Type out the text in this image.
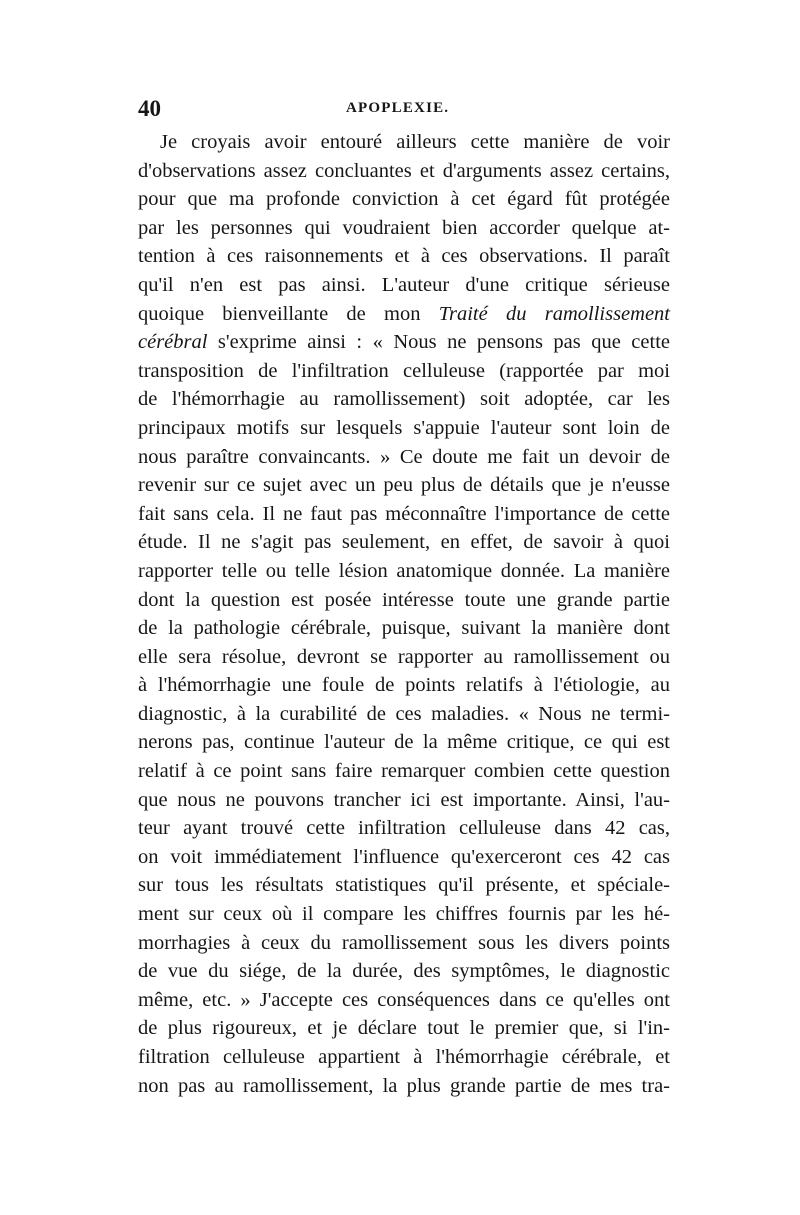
40	APOPLEXIE.
Je croyais avoir entouré ailleurs cette manière de voir
d'observations assez concluantes et d'arguments assez certains,
pour que ma profonde conviction à cet égard fût protégée
par les personnes qui voudraient bien accorder quelque at-
tention à ces raisonnements et à ces observations. Il paraît
qu'il n'en est pas ainsi. L'auteur d'une critique sérieuse
quoique bienveillante de mon Traité du ramollissement
cérébral s'exprime ainsi : « Nous ne pensons pas que cette
transposition de l'infiltration celluleuse (rapportée par moi
de l'hémorrhagie au ramollissement) soit adoptée, car les
principaux motifs sur lesquels s'appuie l'auteur sont loin de
nous paraître convaincants. » Ce doute me fait un devoir de
revenir sur ce sujet avec un peu plus de détails que je n'eusse
fait sans cela. Il ne faut pas méconnaître l'importance de cette
étude. Il ne s'agit pas seulement, en effet, de savoir à quoi
rapporter telle ou telle lésion anatomique donnée. La manière
dont la question est posée intéresse toute une grande partie
de la pathologie cérébrale, puisque, suivant la manière dont
elle sera résolue, devront se rapporter au ramollissement ou
à l'hémorrhagie une foule de points relatifs à l'étiologie, au
diagnostic, à la curabilité de ces maladies. « Nous ne termi-
nerons pas, continue l'auteur de la même critique, ce qui est
relatif à ce point sans faire remarquer combien cette question
que nous ne pouvons trancher ici est importante. Ainsi, l'au-
teur ayant trouvé cette infiltration celluleuse dans 42 cas,
on voit immédiatement l'influence qu'exerceront ces 42 cas
sur tous les résultats statistiques qu'il présente, et spéciale-
ment sur ceux où il compare les chiffres fournis par les hé-
morrhagies à ceux du ramollissement sous les divers points
de vue du siége, de la durée, des symptômes, le diagnostic
même, etc. » J'accepte ces conséquences dans ce qu'elles ont
de plus rigoureux, et je déclare tout le premier que, si l'in-
filtration celluleuse appartient à l'hémorrhagie cérébrale, et
non pas au ramollissement, la plus grande partie de mes tra-
